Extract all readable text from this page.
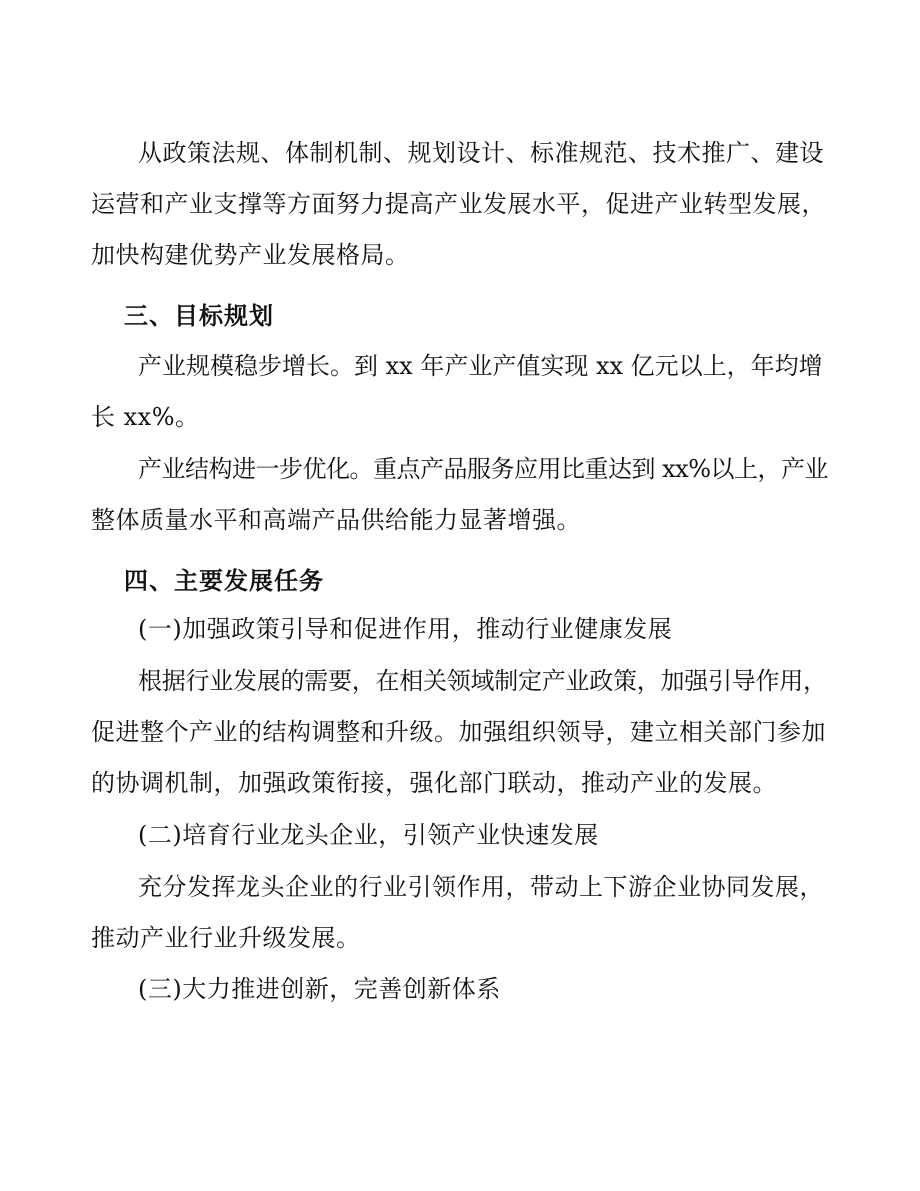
从政策法规、体制机制、规划设计、标准规范、技术推广、建设
运营和产业支撑等方面努力提高产业发展水平，促进产业转型发展，
加快构建优势产业发展格局。
三、目标规划
产业规模稳步增长。到 xx 年产业产值实现 xx 亿元以上，年均增
长 xx%。
产业结构进一步优化。重点产品服务应用比重达到 xx%以上，产业
整体质量水平和高端产品供给能力显著增强。
四、主要发展任务
(一)加强政策引导和促进作用，推动行业健康发展
根据行业发展的需要，在相关领域制定产业政策，加强引导作用，
促进整个产业的结构调整和升级。加强组织领导，建立相关部门参加
的协调机制，加强政策衔接，强化部门联动，推动产业的发展。
(二)培育行业龙头企业，引领产业快速发展
充分发挥龙头企业的行业引领作用，带动上下游企业协同发展，
推动产业行业升级发展。
(三)大力推进创新，完善创新体系
